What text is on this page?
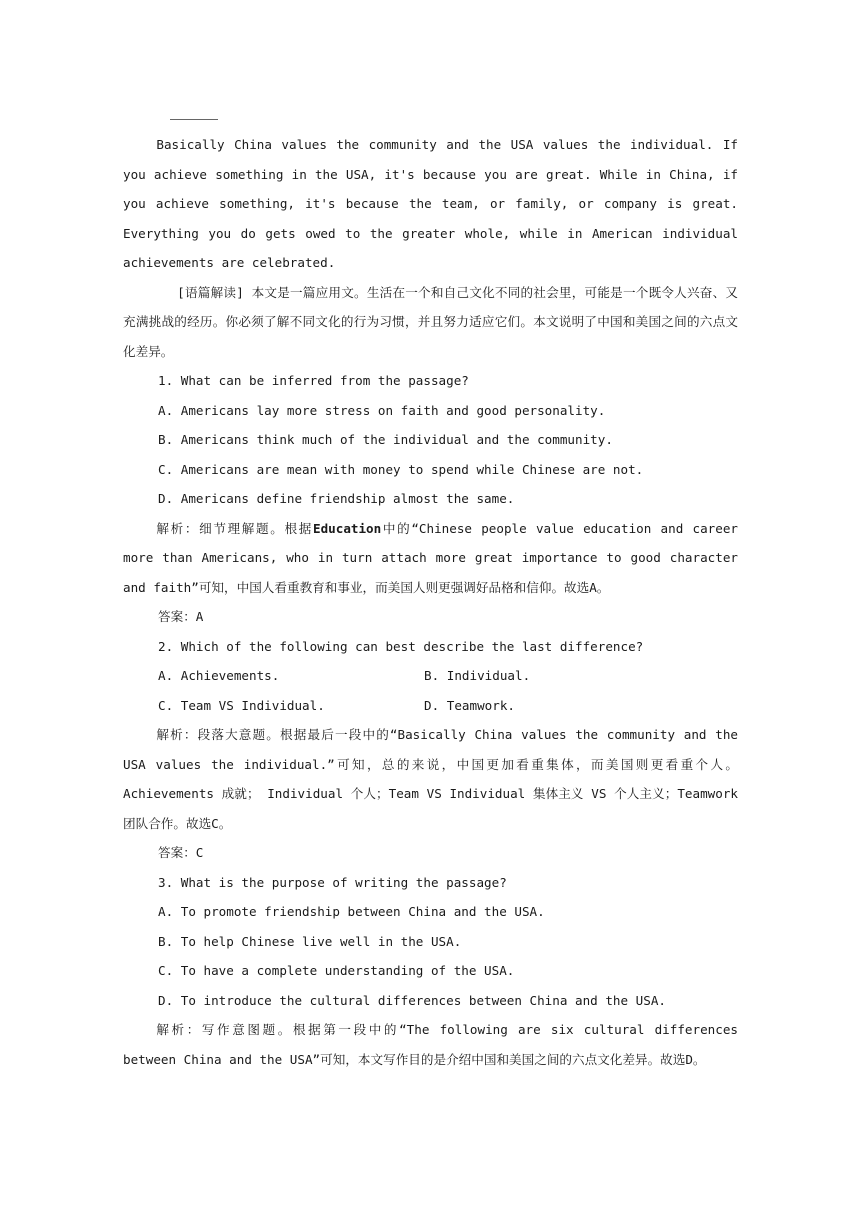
Basically China values the community and the USA values the individual. If you achieve something in the USA, it's because you are great. While in China, if you achieve something, it's because the team, or family, or company is great. Everything you do gets owed to the greater whole, while in American individual achievements are celebrated.

[语篇解读] 本文是一篇应用文。生活在一个和自己文化不同的社会里，可能是一个既令人兴奋、又充满挑战的经历。你必须了解不同文化的行为习惯，并且努力适应它们。本文说明了中国和美国之间的六点文化差异。

1. What can be inferred from the passage?

A. Americans lay more stress on faith and good personality.

B. Americans think much of the individual and the community.

C. Americans are mean with money to spend while Chinese are not.

D. Americans define friendship almost the same.

解析：细节理解题。根据Education中的“Chinese people value education and career more than Americans, who in turn attach more great importance to good character and faith”可知，中国人看重教育和事业，而美国人则更强调好品格和信仰。故选A。

答案：A

2. Which of the following can best describe the last difference?

A. Achievements.	B. Individual.
C. Team VS Individual.	D. Teamwork.

解析：段落大意题。根据最后一段中的“Basically China values the community and the USA values the individual.”可知，总的来说，中国更加看重集体，而美国则更看重个人。Achievements 成就； Individual 个人；Team VS Individual 集体主义 VS 个人主义；Teamwork 团队合作。故选C。

答案：C

3. What is the purpose of writing the passage?

A. To promote friendship between China and the USA.

B. To help Chinese live well in the USA.

C. To have a complete understanding of the USA.

D. To introduce the cultural differences between China and the USA.

解析：写作意图题。根据第一段中的“The following are six cultural differences between China and the USA”可知，本文写作目的是介绍中国和美国之间的六点文化差异。故选D。
